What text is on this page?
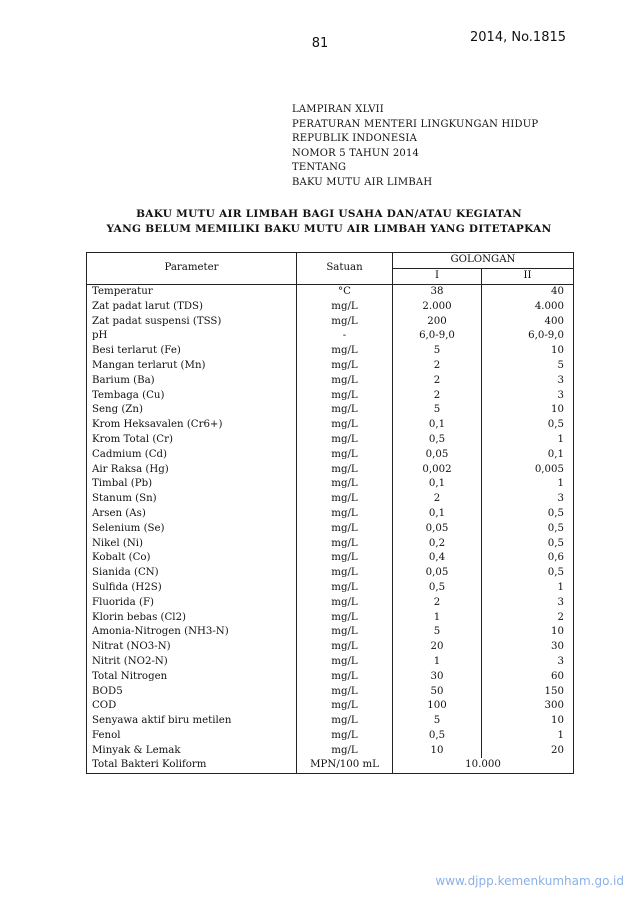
81	2014, No.1815
LAMPIRAN XLVII
PERATURAN MENTERI LINGKUNGAN HIDUP
REPUBLIK INDONESIA
NOMOR 5 TAHUN 2014
TENTANG
BAKU MUTU AIR LIMBAH
BAKU MUTU AIR LIMBAH BAGI USAHA DAN/ATAU KEGIATAN
YANG BELUM MEMILIKI BAKU MUTU AIR LIMBAH YANG DITETAPKAN
Parameter	Satuan	GOLONGAN	
		I	II
Temperatur	°C	38	40
Zat padat larut (TDS)	mg/L	2.000	4.000
Zat padat suspensi (TSS)	mg/L	200	400
pH	-	6,0-9,0	6,0-9,0
Besi terlarut (Fe)	mg/L	5	10
Mangan terlarut (Mn)	mg/L	2	5
Barium (Ba)	mg/L	2	3
Tembaga (Cu)	mg/L	2	3
Seng (Zn)	mg/L	5	10
Krom Heksavalen (Cr6+)	mg/L	0,1	0,5
Krom Total (Cr)	mg/L	0,5	1
Cadmium (Cd)	mg/L	0,05	0,1
Air Raksa (Hg)	mg/L	0,002	0,005
Timbal (Pb)	mg/L	0,1	1
Stanum (Sn)	mg/L	2	3
Arsen (As)	mg/L	0,1	0,5
Selenium (Se)	mg/L	0,05	0,5
Nikel (Ni)	mg/L	0,2	0,5
Kobalt (Co)	mg/L	0,4	0,6
Sianida (CN)	mg/L	0,05	0,5
Sulfida (H2S)	mg/L	0,5	1
Fluorida (F)	mg/L	2	3
Klorin bebas (Cl2)	mg/L	1	2
Amonia-Nitrogen (NH3-N)	mg/L	5	10
Nitrat (NO3-N)	mg/L	20	30
Nitrit (NO2-N)	mg/L	1	3
Total Nitrogen	mg/L	30	60
BOD5	mg/L	50	150
COD	mg/L	100	300
Senyawa aktif biru metilen	mg/L	5	10
Fenol	mg/L	0,5	1
Minyak & Lemak	mg/L	10	20
Total Bakteri Koliform	MPN/100 mL	10.000	
www.djpp.kemenkumham.go.id
